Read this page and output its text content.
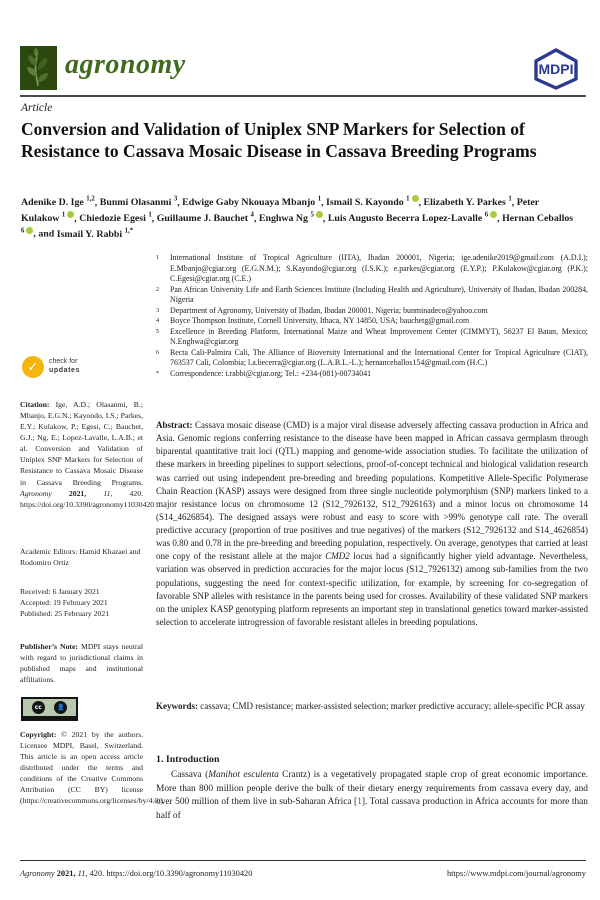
agronomy	MDPI
Article
Conversion and Validation of Uniplex SNP Markers for Selection of Resistance to Cassava Mosaic Disease in Cassava Breeding Programs
Adenike D. Ige $^{1,2}$, Bunmi Olasanmi $^3$, Edwige Gaby Nkouaya Mbanjo $^1$, Ismail S. Kayondo $^1$ , Elizabeth Y. Parkes $^1$, Peter Kulakow $^1$ , Chiedozie Egesi $^1$, Guillaume J. Bauchet $^4$, Enghwa Ng $^5$ , Luis Augusto Becerra Lopez-Lavalle $^6$ , Hernan Ceballos $^6$ , and Ismail Y. Rabbi $^{1,*}$
1	International Institute of Tropical Agriculture (IITA), Ibadan 200001, Nigeria; ige.adenike2019@gmail.com (A.D.I.); E.Mbanjo@cgiar.org (E.G.N.M.); S.Kayondo@cgiar.org (I.S.K.); e.parkes@cgiar.org (E.Y.P.); P.Kulakow@cgiar.org (P.K.); C.Egesi@cgiar.org (C.E.)
2	Pan African University Life and Earth Sciences Institute (Including Health and Agriculture), University of Ibadan, Ibadan 200284, Nigeria
3	Department of Agronomy, University of Ibadan, Ibadan 200001, Nigeria; bunminadeco@yahoo.com
4	Boyce Thompson Institute, Cornell University, Ithaca, NY 14850, USA; bauchetg@gmail.com
5	Excellence in Breeding Platform, International Maize and Wheat Improvement Center (CIMMYT), 56237 El Batan, Mexico; N.Enghwa@cgiar.org
6	Recta Cali-Palmira Cali, The Alliance of Bioversity International and the International Center for Tropical Agriculture (CIAT), 763537 Cali, Colombia; l.a.becerra@cgiar.org (L.A.B.L.-L.); hernanceballos154@gmail.com (H.C.)
*	Correspondence: i.rabbi@cgiar.org; Tel.: +234-(081)-00734041

Abstract: Cassava mosaic disease (CMD) is a major viral disease adversely affecting cassava production in Africa and Asia. Genomic regions conferring resistance to the disease have been mapped in African cassava germplasm through biparental quantitative trait loci (QTL) mapping and genome-wide association studies. To facilitate the utilization of these markers in breeding pipelines to support selections, proof-of-concept technical and biological validation research was carried out using independent pre-breeding and breeding populations. Kompetitive Allele-Specific Polymerase Chain Reaction (KASP) assays were designed from three single nucleotide polymorphism (SNP) markers linked to a major resistance locus on chromosome 12 (S12_7926132, S12_7926163) and a minor locus on chromosome 14 (S14_4626854). The designed assays were robust and easy to score with >99% genotype call rate. The overall predictive accuracy (proportion of true positives and true negatives) of the markers (S12_7926132 and S14_4626854) was 0.80 and 0.78 in the pre-breeding and breeding population, respectively. On average, genotypes that carried at least one copy of the resistant allele at the major CMD2 locus had a significantly higher yield advantage. Nevertheless, variation was observed in prediction accuracies for the major locus (S12_7926132) among sub-families from the two populations, suggesting the need for context-specific utilization, for example, by screening for co-segregation of favorable SNP alleles with resistance in the parents being used for crosses. Availability of these validated SNP markers on the uniplex KASP genotyping platform represents an important step in translational genetics toward marker-assisted selection to accelerate introgression of favorable resistant alleles in breeding populations.

Keywords: cassava; CMD resistance; marker-assisted selection; marker predictive accuracy; allele-specific PCR assay

1. Introduction

Cassava (Manihot esculenta Crantz) is a vegetatively propagated staple crop of great economic importance. More than 800 million people derive the bulk of their dietary energy requirements from cassava every day, and over 500 million of them live in sub-Saharan Africa [1]. Total cassava production in Africa accounts for more than half of

✓
check for
updates

Citation: Ige, A.D.; Olasanmi, B.; Mbanjo, E.G.N.; Kayondo, I.S.; Parkes, E.Y.; Kulakow, P.; Egesi, C.; Bauchet, G.J.; Ng, E.; Lopez-Lavalle, L.A.B.; et al. Conversion and Validation of Uniplex SNP Markers for Selection of Resistance to Cassava Mosaic Disease in Cassava Breeding Programs. Agronomy 2021, 11, 420. https://doi.org/10.3390/agronomy11030420

Academic Editors: Hamid Khazaei and Rodomiro Ortiz

Received: 6 January 2021
Accepted: 19 February 2021
Published: 25 February 2021

Publisher’s Note: MDPI stays neutral with regard to jurisdictional claims in published maps and institutional affiliations.

cc	👤

Copyright: © 2021 by the authors. Licensee MDPI, Basel, Switzerland. This article is an open access article distributed under the terms and conditions of the Creative Commons Attribution (CC BY) license (https://creativecommons.org/licenses/by/4.0/).

Agronomy 2021, 11, 420. https://doi.org/10.3390/agronomy11030420	https://www.mdpi.com/journal/agronomy
